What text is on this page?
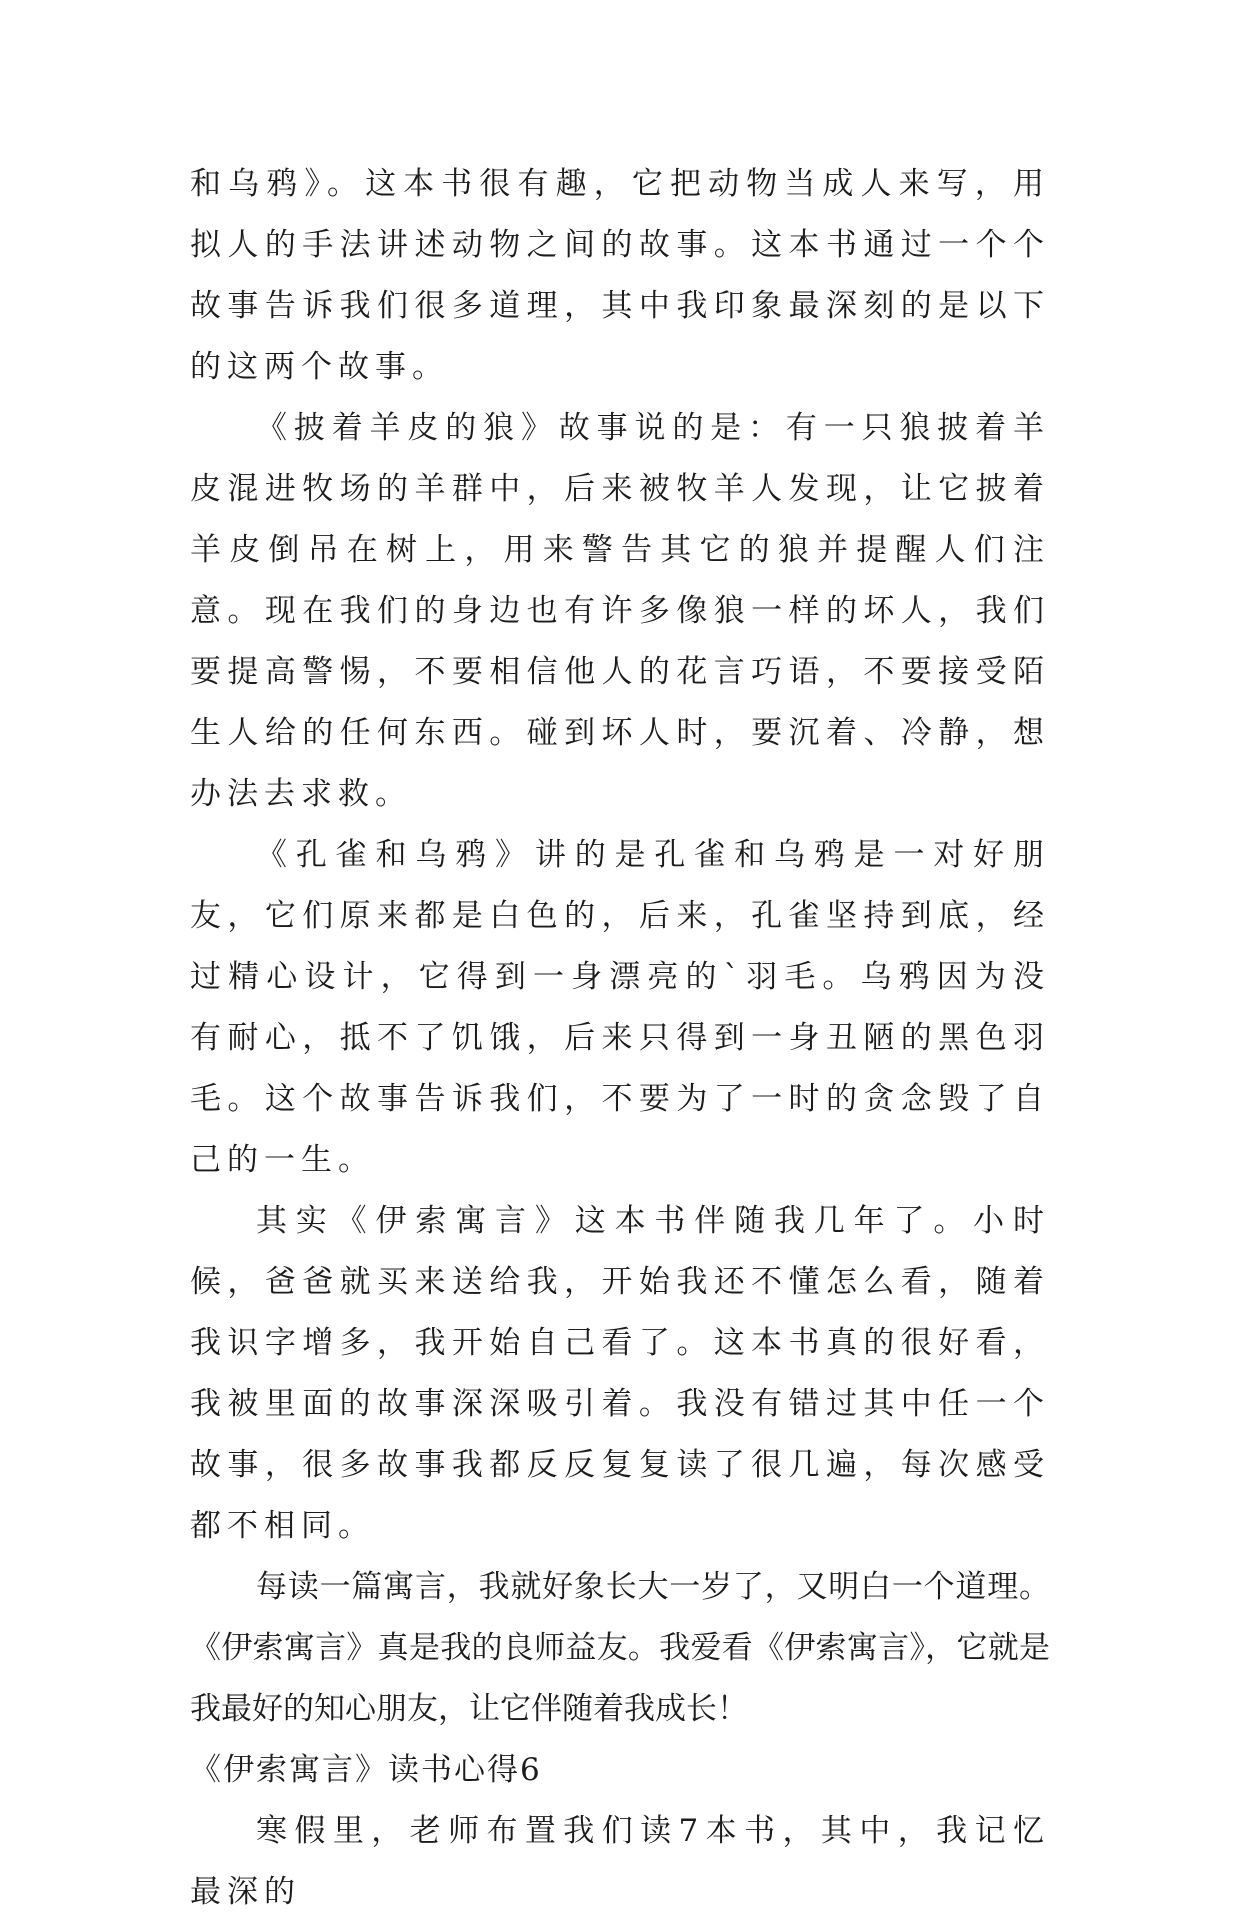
和乌鸦》。这本书很有趣，它把动物当成人来写，用拟人的手法讲述动物之间的故事。这本书通过一个个故事告诉我们很多道理，其中我印象最深刻的是以下的这两个故事。

《披着羊皮的狼》故事说的是：有一只狼披着羊皮混进牧场的羊群中，后来被牧羊人发现，让它披着羊皮倒吊在树上，用来警告其它的狼并提醒人们注意。现在我们的身边也有许多像狼一样的坏人，我们要提高警惕，不要相信他人的花言巧语，不要接受陌生人给的任何东西。碰到坏人时，要沉着、冷静，想办法去求救。

《孔雀和乌鸦》讲的是孔雀和乌鸦是一对好朋友，它们原来都是白色的，后来，孔雀坚持到底，经过精心设计，它得到一身漂亮的`羽毛。乌鸦因为没有耐心，抵不了饥饿，后来只得到一身丑陋的黑色羽毛。这个故事告诉我们，不要为了一时的贪念毁了自己的一生。

其实《伊索寓言》这本书伴随我几年了。小时候，爸爸就买来送给我，开始我还不懂怎么看，随着我识字增多，我开始自己看了。这本书真的很好看，我被里面的故事深深吸引着。我没有错过其中任一个故事，很多故事我都反反复复读了很几遍，每次感受都不相同。

每读一篇寓言，我就好象长大一岁了，又明白一个道理。《伊索寓言》真是我的良师益友。我爱看《伊索寓言》，它就是我最好的知心朋友，让它伴随着我成长！

《伊索寓言》读书心得6

寒假里，老师布置我们读7本书，其中，我记忆最深的
